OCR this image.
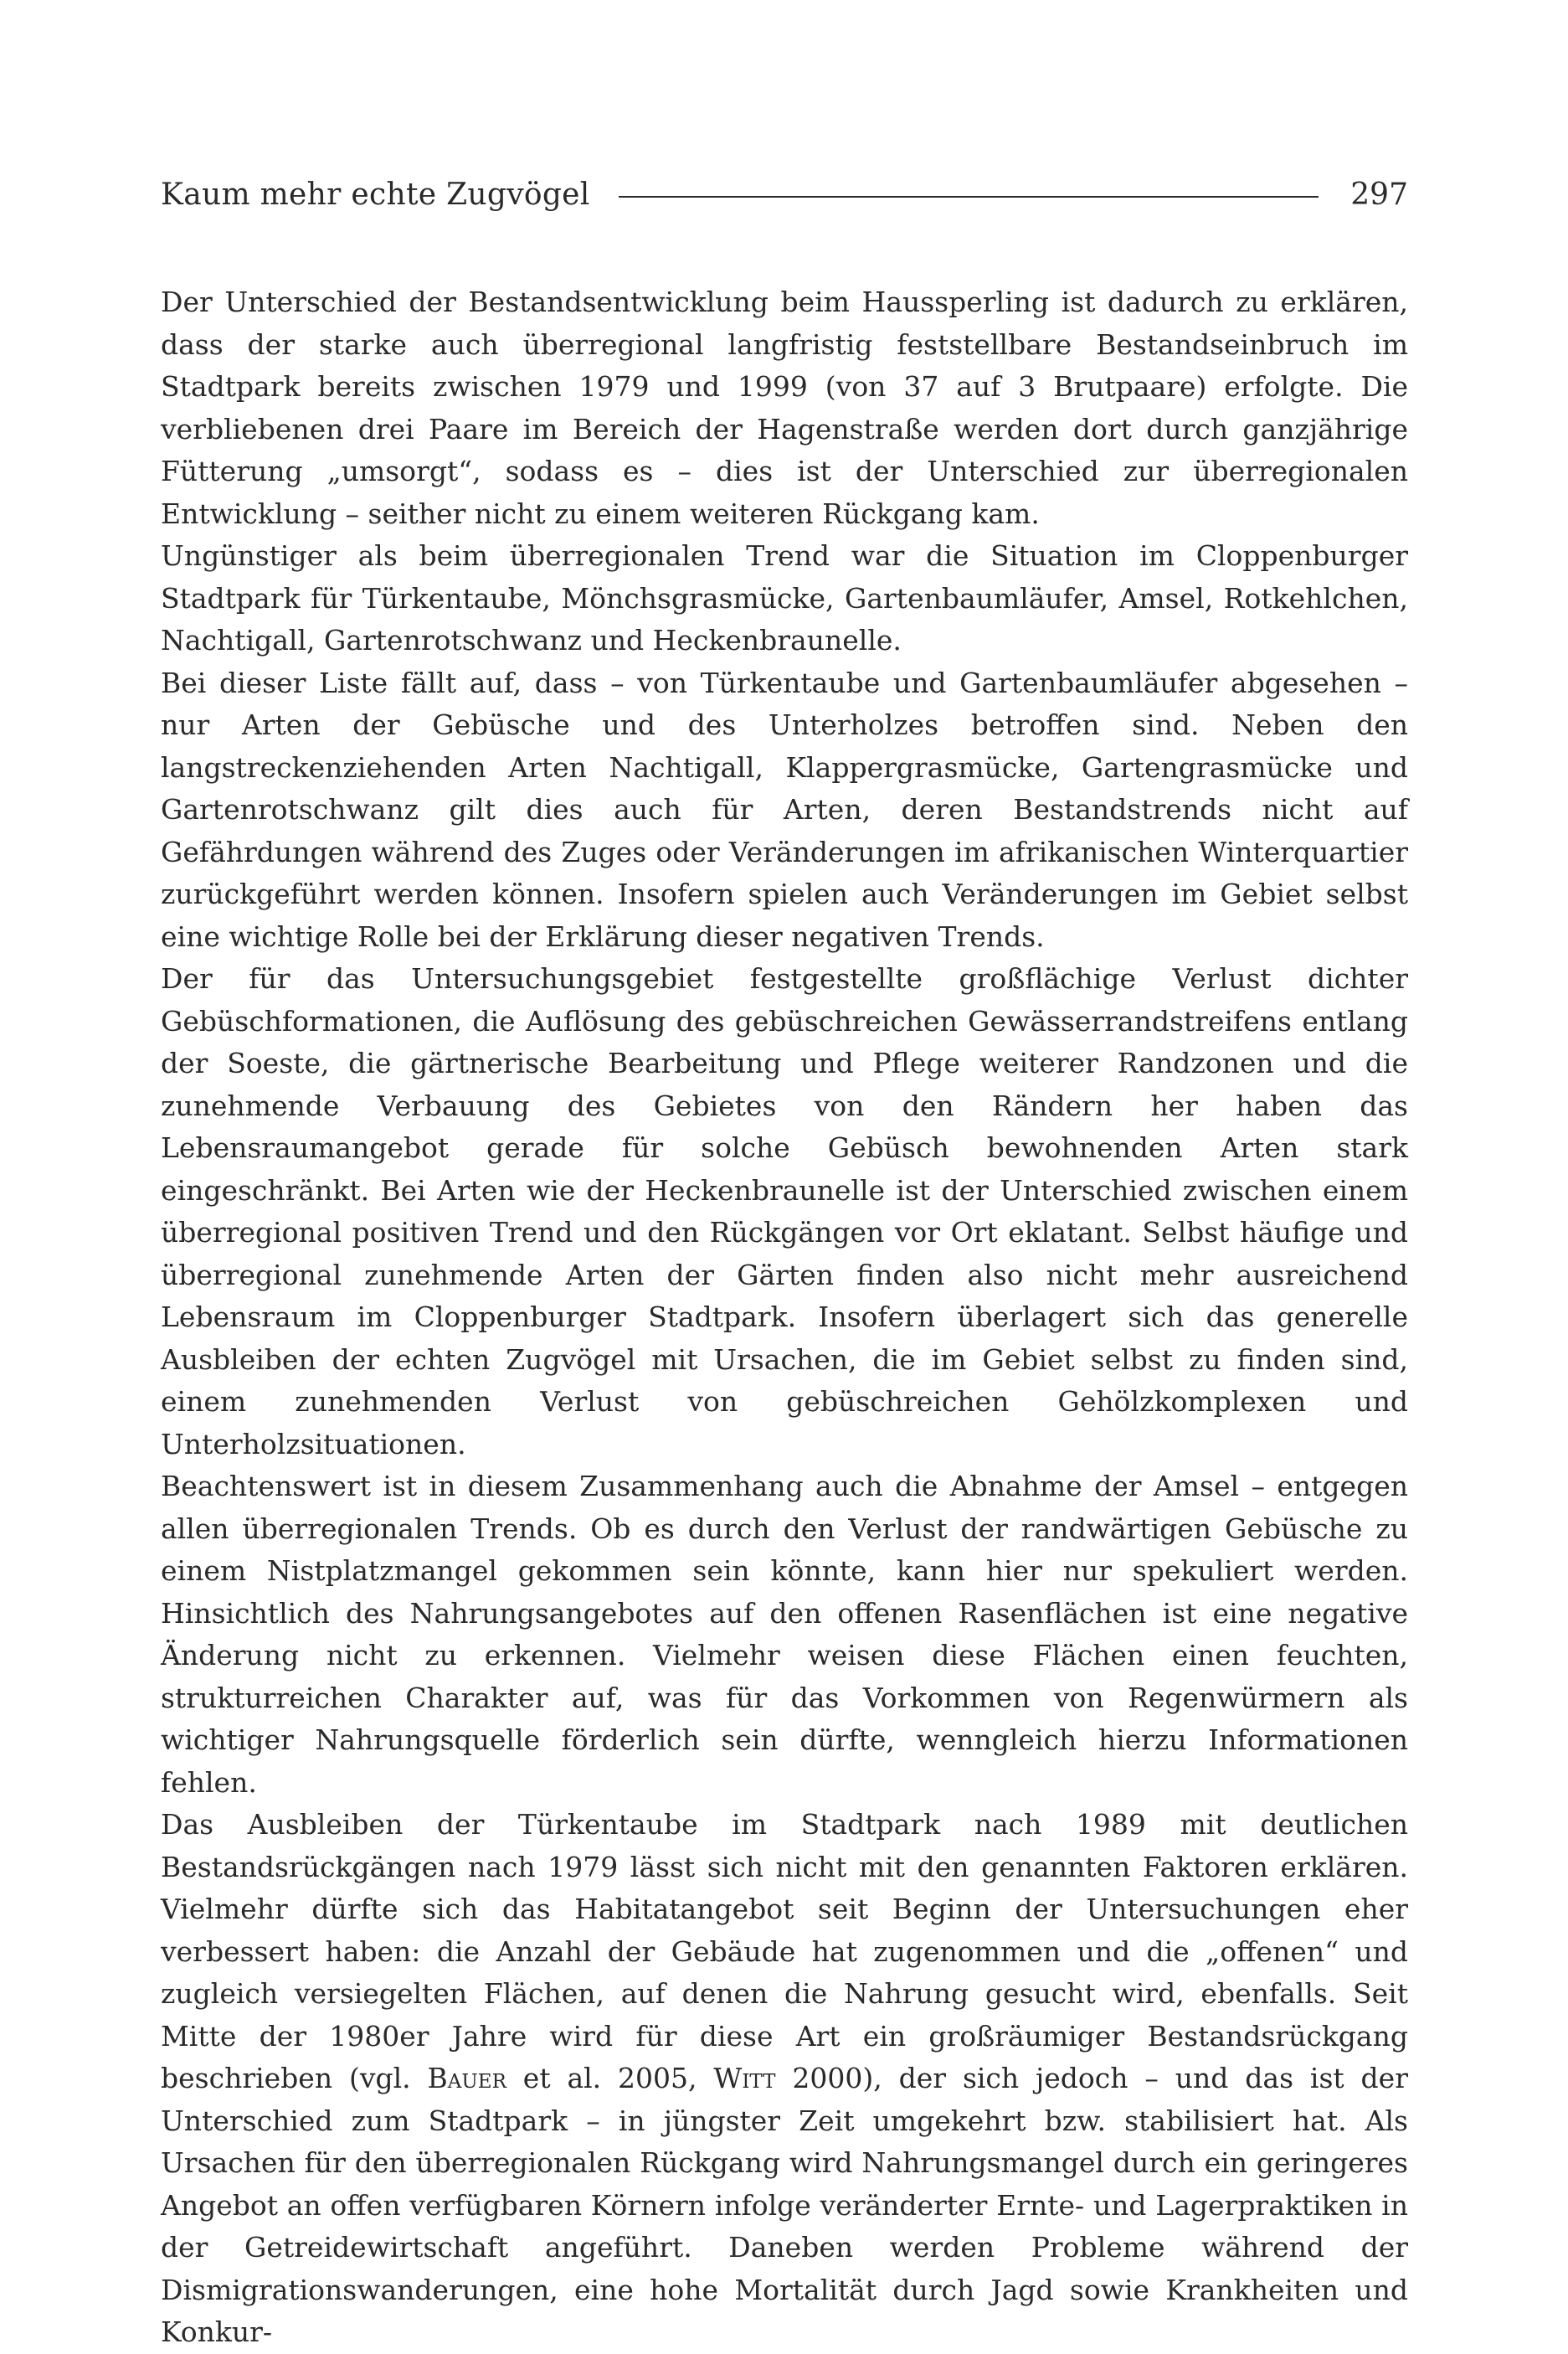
Kaum mehr echte Zugvögel	297

Der Unterschied der Bestandsentwicklung beim Haussperling ist dadurch zu erklären, dass der starke auch überregional langfristig feststellbare Bestandseinbruch im Stadtpark bereits zwischen 1979 und 1999 (von 37 auf 3 Brutpaare) erfolgte. Die verbliebenen drei Paare im Bereich der Hagenstraße werden dort durch ganzjährige Fütterung „umsorgt“, sodass es – dies ist der Unterschied zur überregionalen Entwicklung – seither nicht zu einem weiteren Rückgang kam.

Ungünstiger als beim überregionalen Trend war die Situation im Cloppenburger Stadtpark für Türkentaube, Mönchsgrasmücke, Gartenbaumläufer, Amsel, Rotkehlchen, Nachtigall, Gartenrotschwanz und Heckenbraunelle.

Bei dieser Liste fällt auf, dass – von Türkentaube und Gartenbaumläufer abgesehen – nur Arten der Gebüsche und des Unterholzes betroffen sind. Neben den langstreckenziehenden Arten Nachtigall, Klappergrasmücke, Gartengrasmücke und Gartenrotschwanz gilt dies auch für Arten, deren Bestandstrends nicht auf Gefährdungen während des Zuges oder Veränderungen im afrikanischen Winterquartier zurückgeführt werden können. Insofern spielen auch Veränderungen im Gebiet selbst eine wichtige Rolle bei der Erklärung dieser negativen Trends.

Der für das Untersuchungsgebiet festgestellte großflächige Verlust dichter Gebüschformationen, die Auflösung des gebüschreichen Gewässerrandstreifens entlang der Soeste, die gärtnerische Bearbeitung und Pflege weiterer Randzonen und die zunehmende Verbauung des Gebietes von den Rändern her haben das Lebensraumangebot gerade für solche Gebüsch bewohnenden Arten stark eingeschränkt. Bei Arten wie der Heckenbraunelle ist der Unterschied zwischen einem überregional positiven Trend und den Rückgängen vor Ort eklatant. Selbst häufige und überregional zunehmende Arten der Gärten finden also nicht mehr ausreichend Lebensraum im Cloppenburger Stadtpark. Insofern überlagert sich das generelle Ausbleiben der echten Zugvögel mit Ursachen, die im Gebiet selbst zu finden sind, einem zunehmenden Verlust von gebüschreichen Gehölzkomplexen und Unterholzsituationen.

Beachtenswert ist in diesem Zusammenhang auch die Abnahme der Amsel – entgegen allen überregionalen Trends. Ob es durch den Verlust der randwärtigen Gebüsche zu einem Nistplatzmangel gekommen sein könnte, kann hier nur spekuliert werden. Hinsichtlich des Nahrungsangebotes auf den offenen Rasenflächen ist eine negative Änderung nicht zu erkennen. Vielmehr weisen diese Flächen einen feuchten, strukturreichen Charakter auf, was für das Vorkommen von Regenwürmern als wichtiger Nahrungsquelle förderlich sein dürfte, wenngleich hierzu Informationen fehlen.

Das Ausbleiben der Türkentaube im Stadtpark nach 1989 mit deutlichen Bestandsrückgängen nach 1979 lässt sich nicht mit den genannten Faktoren erklären. Vielmehr dürfte sich das Habitatangebot seit Beginn der Untersuchungen eher verbessert haben: die Anzahl der Gebäude hat zugenommen und die „offenen“ und zugleich versiegelten Flächen, auf denen die Nahrung gesucht wird, ebenfalls. Seit Mitte der 1980er Jahre wird für diese Art ein großräumiger Bestandsrückgang beschrieben (vgl. Bauer et al. 2005, Witt 2000), der sich jedoch – und das ist der Unterschied zum Stadtpark – in jüngster Zeit umgekehrt bzw. stabilisiert hat. Als Ursachen für den überregionalen Rückgang wird Nahrungsmangel durch ein geringeres Angebot an offen verfügbaren Körnern infolge veränderter Ernte- und Lagerpraktiken in der Getreidewirtschaft angeführt. Daneben werden Probleme während der Dismigrationswanderungen, eine hohe Mortalität durch Jagd sowie Krankheiten und Konkur-
